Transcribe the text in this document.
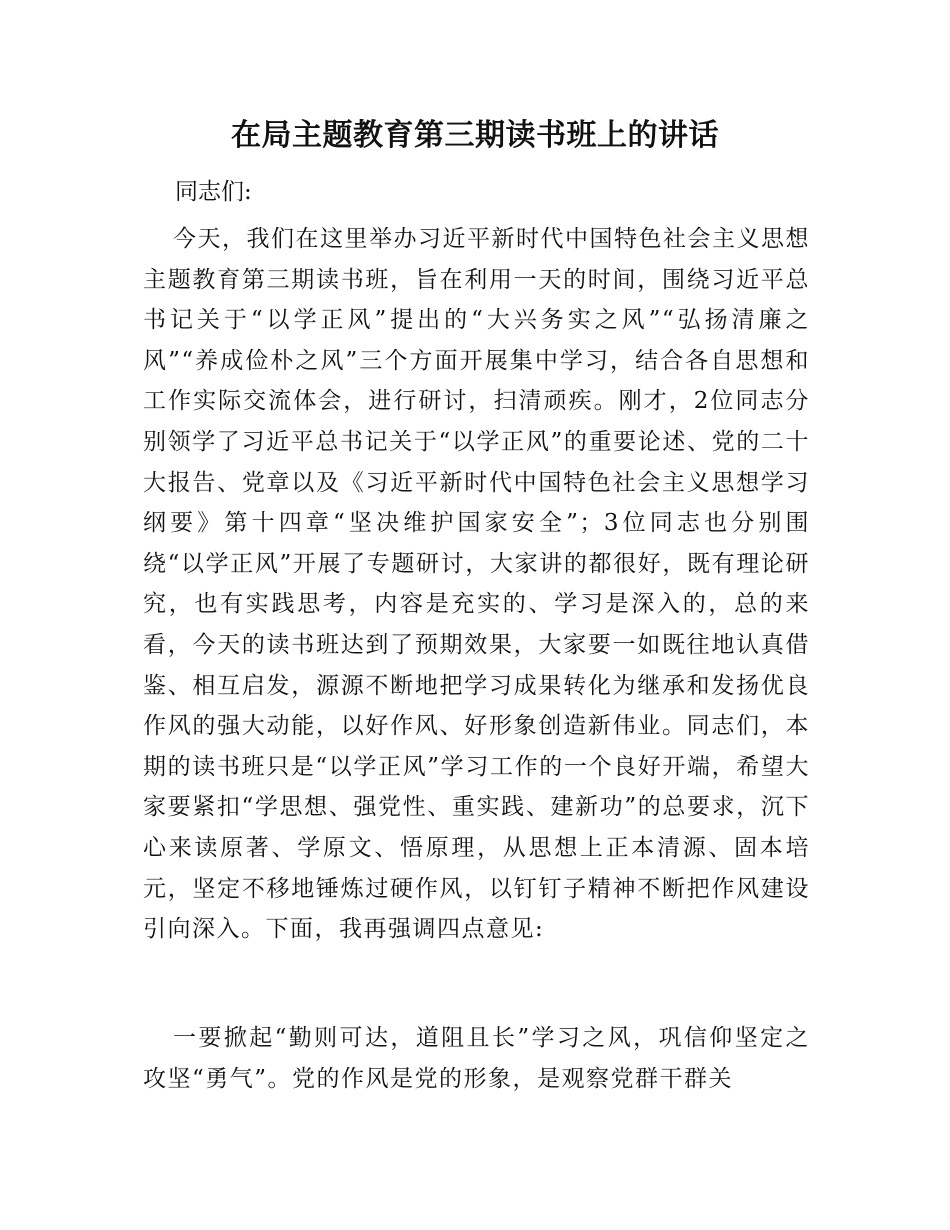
在局主题教育第三期读书班上的讲话

同志们:

今天，我们在这里举办习近平新时代中国特色社会主义思想主题教育第三期读书班，旨在利用一天的时间，围绕习近平总书记关于“以学正风”提出的“大兴务实之风”“弘扬清廉之风”“养成俭朴之风”三个方面开展集中学习，结合各自思想和工作实际交流体会，进行研讨，扫清顽疾。刚才，2位同志分别领学了习近平总书记关于“以学正风”的重要论述、党的二十大报告、党章以及《习近平新时代中国特色社会主义思想学习纲要》第十四章“坚决维护国家安全”；3位同志也分别围绕“以学正风”开展了专题研讨，大家讲的都很好，既有理论研究，也有实践思考，内容是充实的、学习是深入的，总的来看，今天的读书班达到了预期效果，大家要一如既往地认真借鉴、相互启发，源源不断地把学习成果转化为继承和发扬优良作风的强大动能，以好作风、好形象创造新伟业。同志们，本期的读书班只是“以学正风”学习工作的一个良好开端，希望大家要紧扣“学思想、强党性、重实践、建新功”的总要求，沉下心来读原著、学原文、悟原理，从思想上正本清源、固本培元，坚定不移地锤炼过硬作风，以钉钉子精神不断把作风建设引向深入。下面，我再强调四点意见:

一要掀起“勤则可达，道阻且长”学习之风，巩信仰坚定之攻坚“勇气”。党的作风是党的形象，是观察党群干群关
